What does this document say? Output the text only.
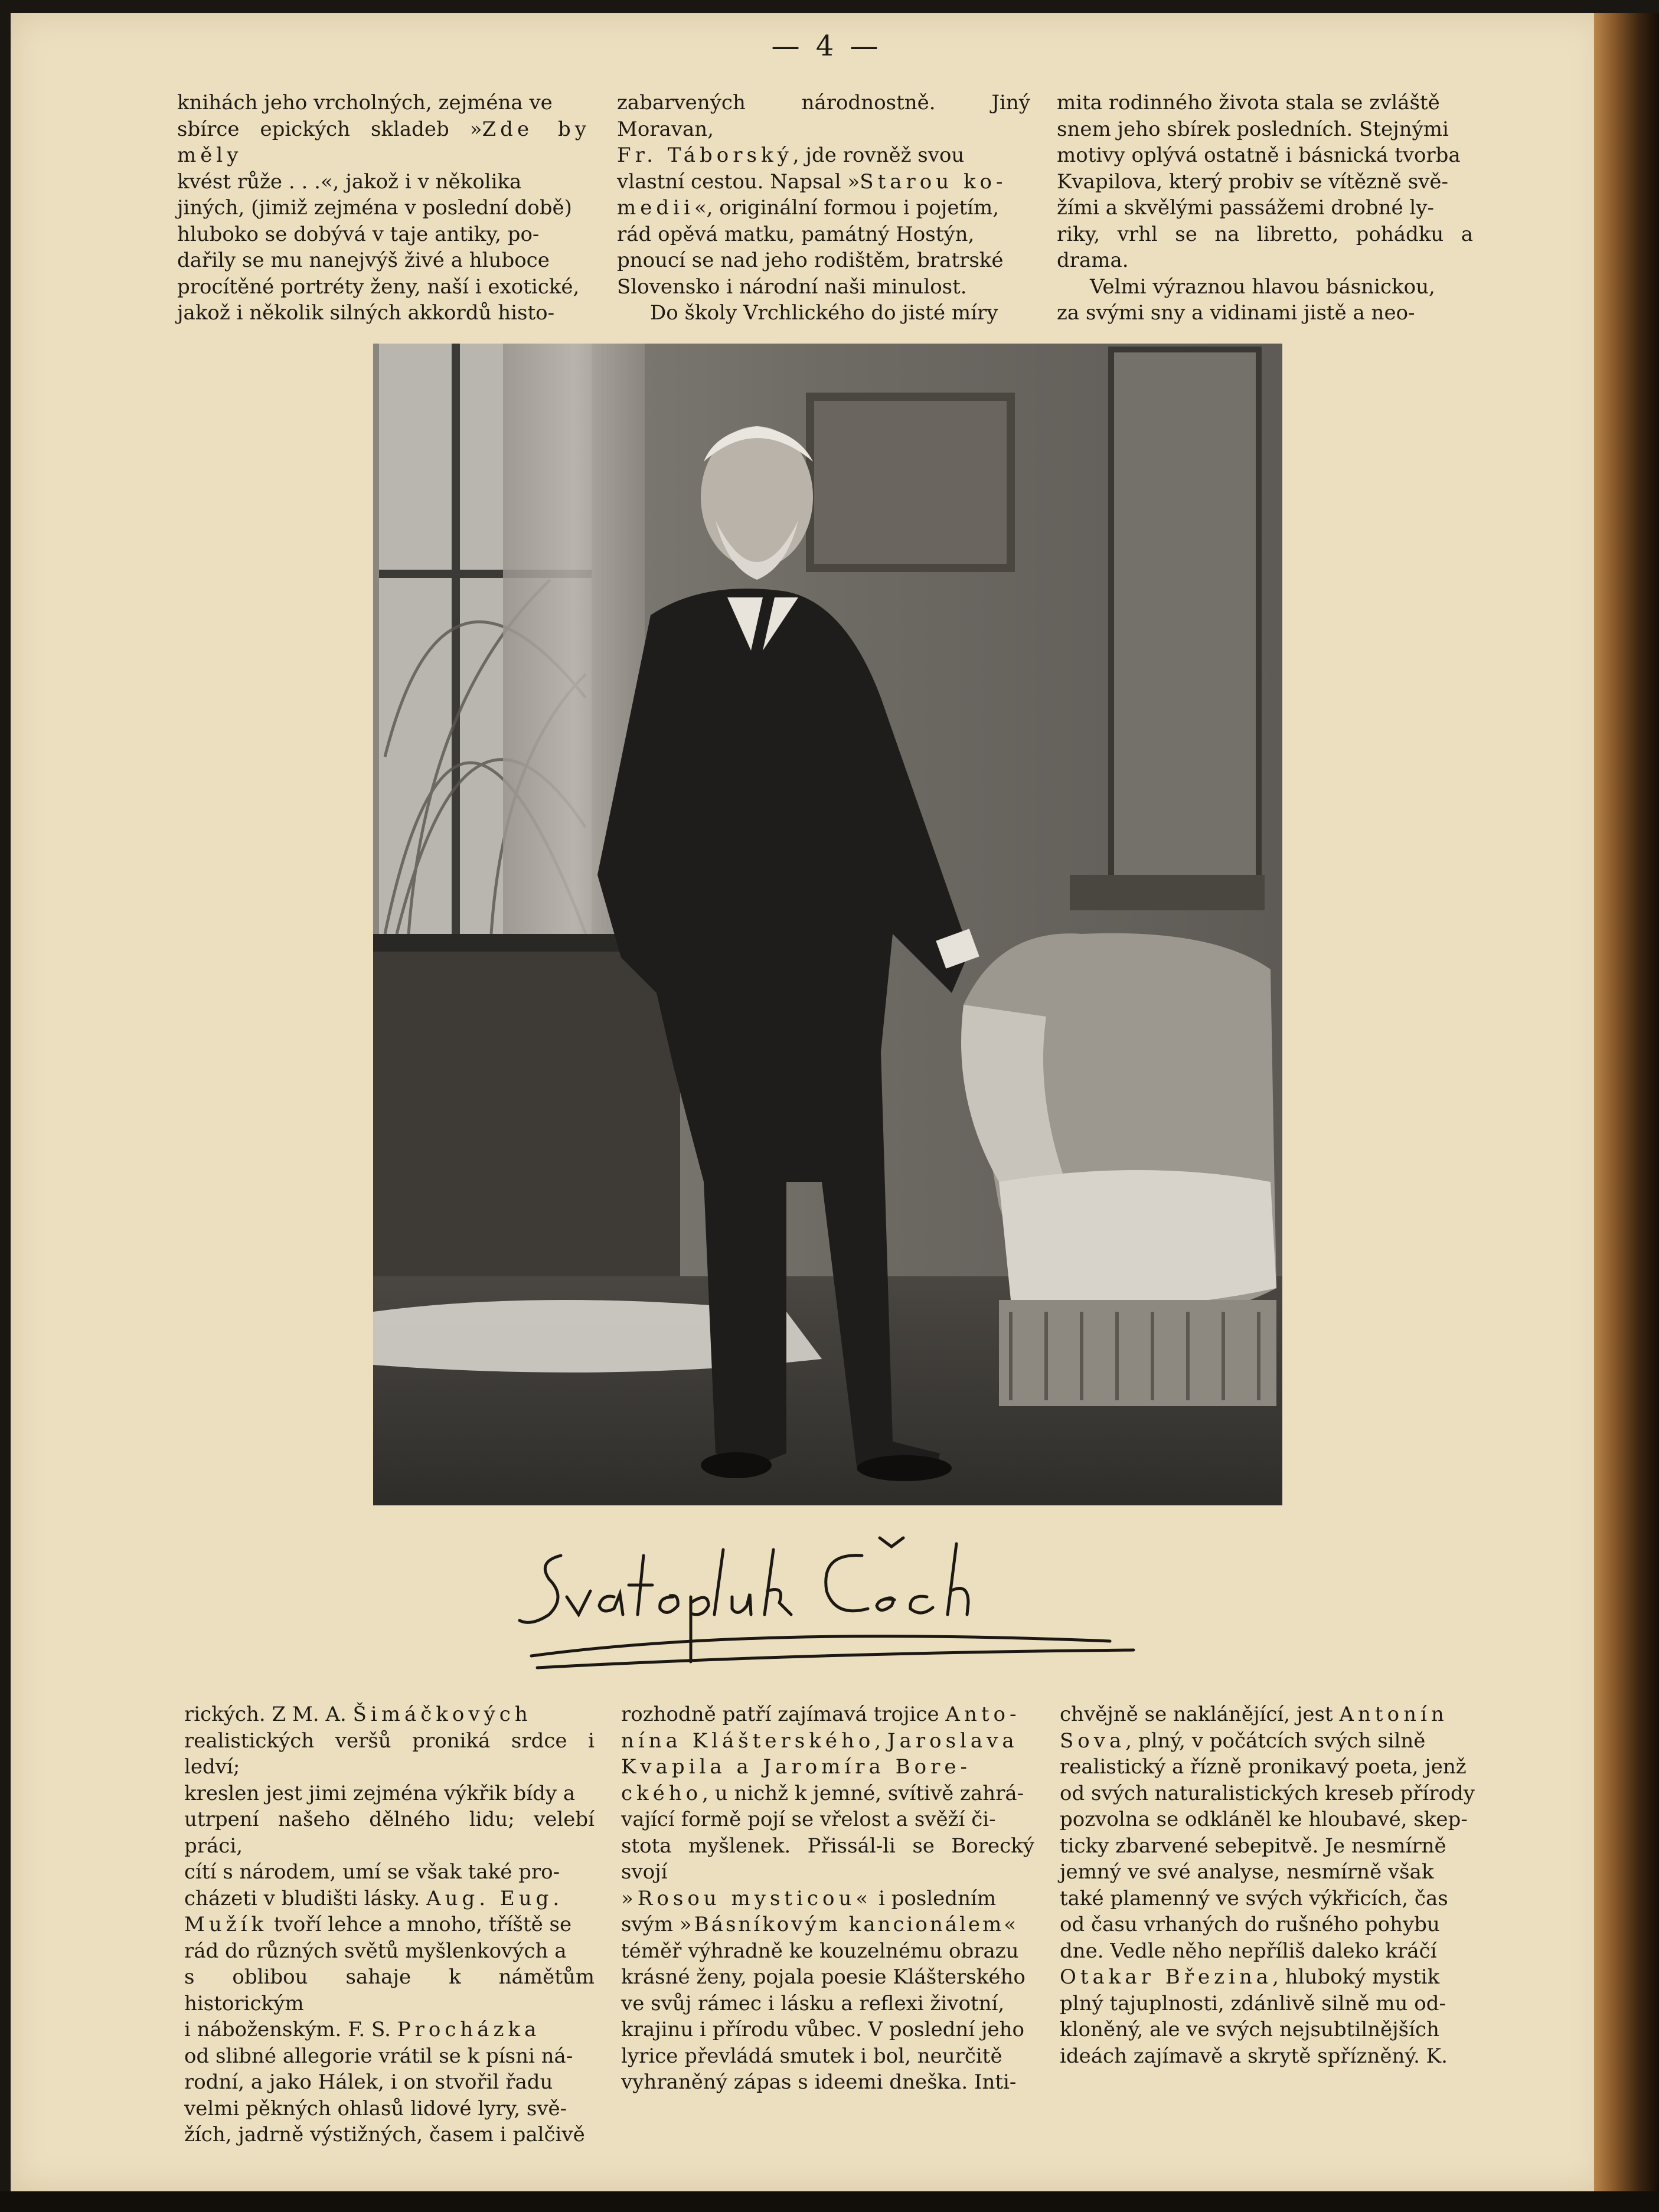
— 4 —

knihách jeho vrcholných, zejména ve

sbírce epických skladeb »Zde by měly

kvést růže . . .«, jakož i v několika

jiných, (jimiž zejména v poslední době)

hluboko se dobývá v taje antiky, po-

dařily se mu nanejvýš živé a hluboce

procítěné portréty ženy, naší i exotické,

jakož i několik silných akkordů histo-

zabarvených národnostně. Jiný Moravan,

Fr. Táborský, jde rovněž svou

vlastní cestou. Napsal »Starou ko-

medii«, originální formou i pojetím,

rád opěvá matku, památný Hostýn,

pnoucí se nad jeho rodištěm, bratrské

Slovensko i národní naši minulost.

Do školy Vrchlického do jisté míry

mita rodinného života stala se zvláště

snem jeho sbírek posledních. Stejnými

motivy oplývá ostatně i básnická tvorba

Kvapilova, který probiv se vítězně svě-

žími a skvělými passážemi drobné ly-

riky, vrhl se na libretto, pohádku a drama.

Velmi výraznou hlavou básnickou,

za svými sny a vidinami jistě a neo-

rických. Z M. A. Šimáčkových

realistických veršů proniká srdce i ledví;

kreslen jest jimi zejména výkřik bídy a

utrpení našeho dělného lidu; velebí práci,

cítí s národem, umí se však také pro-

cházeti v bludišti lásky. Aug. Eug.

Mužík tvoří lehce a mnoho, tříště se

rád do různých světů myšlenkových a

s oblibou sahaje k námětům historickým

i náboženským. F. S. Procházka

od slibné allegorie vrátil se k písni ná-

rodní, a jako Hálek, i on stvořil řadu

velmi pěkných ohlasů lidové lyry, svě-

žích, jadrně výstižných, časem i palčivě

rozhodně patří zajímavá trojice Anto-

nína Klášterského, Jaroslava

Kvapila a Jaromíra Bore-

ckého, u nichž k jemné, svítivě zahrá-

vající formě pojí se vřelost a svěží či-

stota myšlenek. Přissál-li se Borecký svojí

»Rosou mysticou« i posledním

svým »Básníkovým kancionálem«

téměř výhradně ke kouzelnému obrazu

krásné ženy, pojala poesie Klášterského

ve svůj rámec i lásku a reflexi životní,

krajinu i přírodu vůbec. V poslední jeho

lyrice převládá smutek i bol, neurčitě

vyhraněný zápas s ideemi dneška. Inti-

chvějně se naklánějící, jest Antonín

Sova, plný, v počátcích svých silně

realistický a řízně pronikavý poeta, jenž

od svých naturalistických kreseb přírody

pozvolna se odkláněl ke hloubavé, skep-

ticky zbarvené sebepitvě. Je nesmírně

jemný ve své analyse, nesmírně však

také plamenný ve svých výkřicích, čas

od času vrhaných do rušného pohybu

dne. Vedle něho nepříliš daleko kráčí

Otakar Březina, hluboký mystik

plný tajuplnosti, zdánlivě silně mu od-

kloněný, ale ve svých nejsubtilnějších

ideách zajímavě a skrytě spřízněný. K.
